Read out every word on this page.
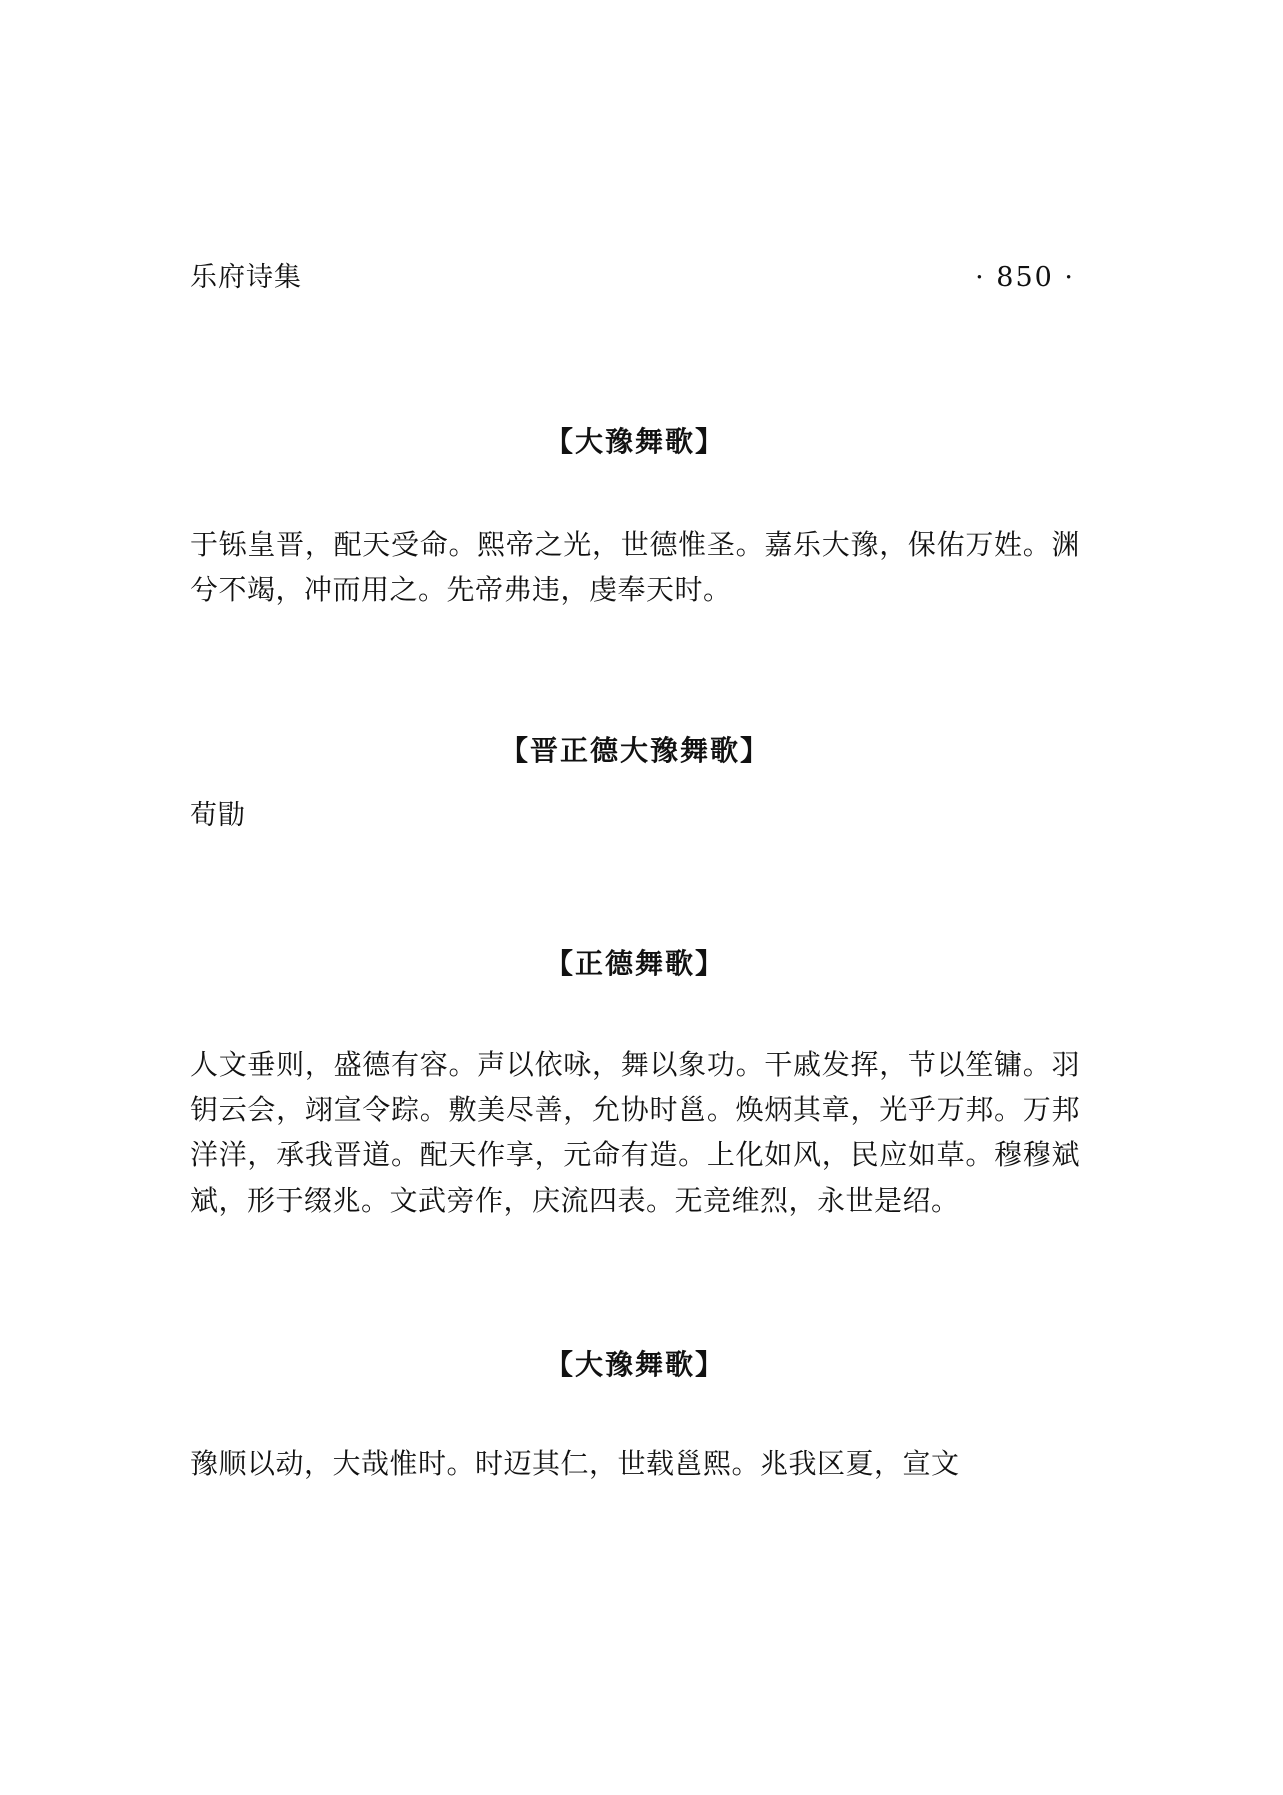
乐府诗集	· 850 ·
【大豫舞歌】
于铄皇晋，配天受命。熙帝之光，世德惟圣。嘉乐大豫，保佑万姓。渊兮不竭，冲而用之。先帝弗违，虔奉天时。
【晋正德大豫舞歌】
荀勖
【正德舞歌】
人文垂则，盛德有容。声以依咏，舞以象功。干戚发挥，节以笙镛。羽钥云会，翊宣令踪。敷美尽善，允协时邕。焕炳其章，光乎万邦。万邦洋洋，承我晋道。配天作享，元命有造。上化如风，民应如草。穆穆斌斌，形于缀兆。文武旁作，庆流四表。无竞维烈，永世是绍。
【大豫舞歌】
豫顺以动，大哉惟时。时迈其仁，世载邕熙。兆我区夏，宣文
